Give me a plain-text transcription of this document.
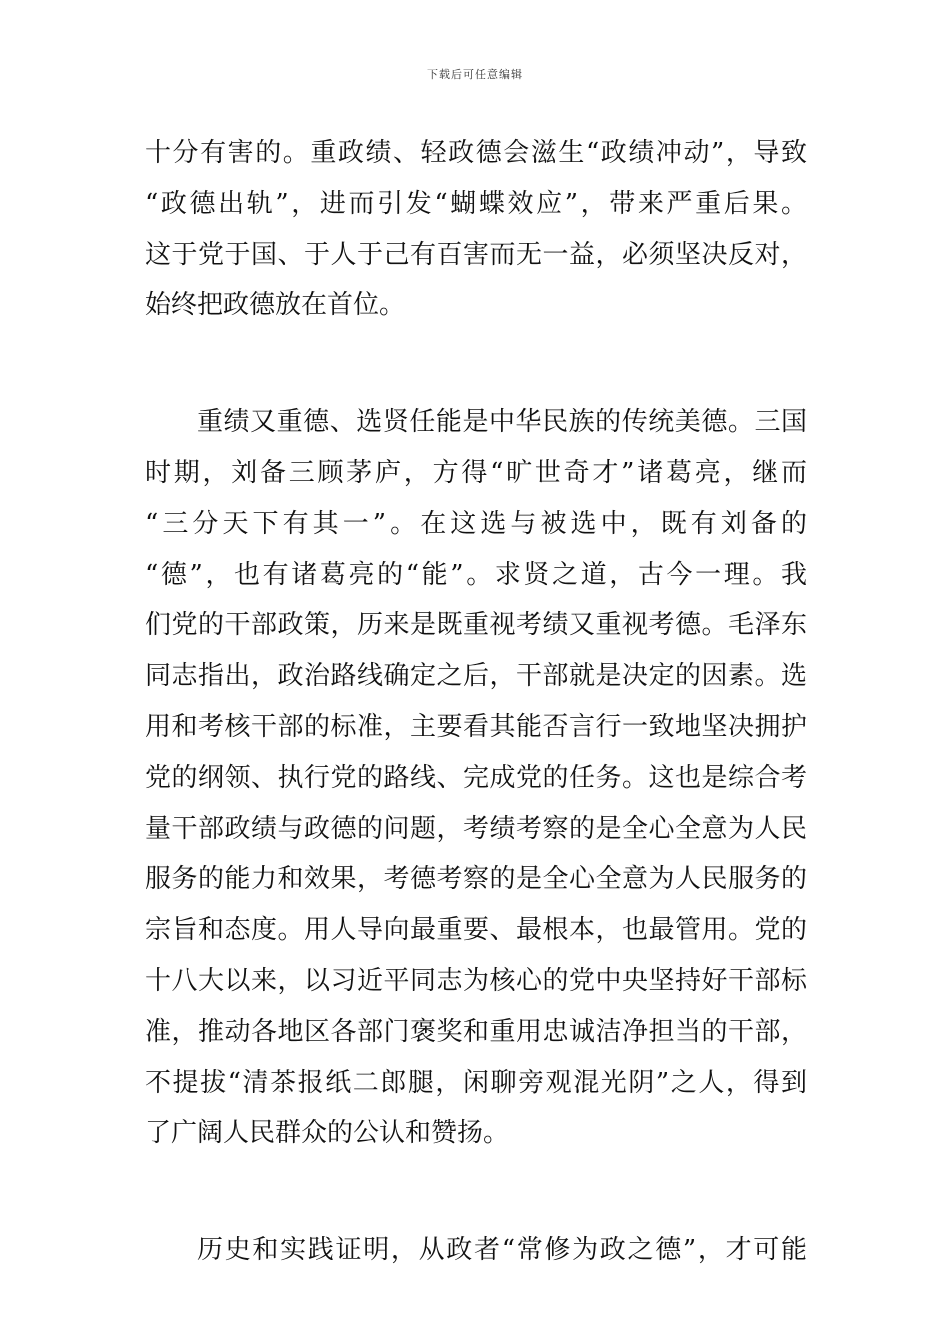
下载后可任意编辑
十分有害的。重政绩、轻政德会滋生“政绩冲动”，导致
“政德出轨”，进而引发“蝴蝶效应”，带来严重后果。
这于党于国、于人于己有百害而无一益，必须坚决反对，
始终把政德放在首位。
重绩又重德、选贤任能是中华民族的传统美德。三国
时期，刘备三顾茅庐，方得“旷世奇才”诸葛亮，继而
“三分天下有其一”。在这选与被选中，既有刘备的
“德”，也有诸葛亮的“能”。求贤之道，古今一理。我
们党的干部政策，历来是既重视考绩又重视考德。毛泽东
同志指出，政治路线确定之后，干部就是决定的因素。选
用和考核干部的标准，主要看其能否言行一致地坚决拥护
党的纲领、执行党的路线、完成党的任务。这也是综合考
量干部政绩与政德的问题，考绩考察的是全心全意为人民
服务的能力和效果，考德考察的是全心全意为人民服务的
宗旨和态度。用人导向最重要、最根本，也最管用。党的
十八大以来，以习近平同志为核心的党中央坚持好干部标
准，推动各地区各部门褒奖和重用忠诚洁净担当的干部，
不提拔“清茶报纸二郎腿，闲聊旁观混光阴”之人，得到
了广阔人民群众的公认和赞扬。
历史和实践证明，从政者“常修为政之德”，才可能
